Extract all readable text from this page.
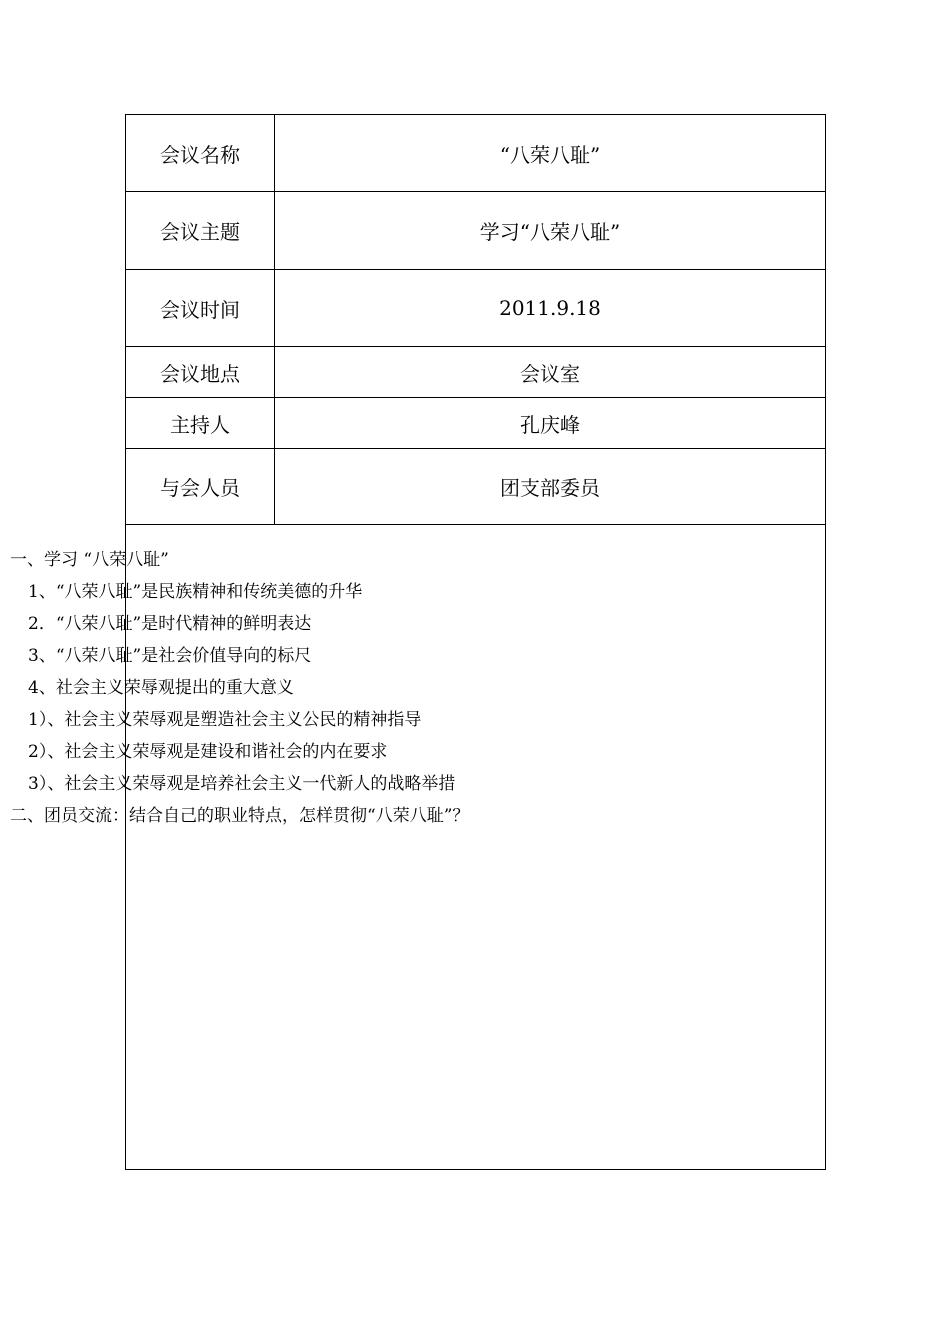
会议名称	“八荣八耻”
会议主题	学习“八荣八耻”
会议时间	2011.9.18
会议地点	会议室
主持人	孔庆峰
与会人员	团支部委员
一、学习 “八荣八耻”
1、“八荣八耻”是民族精神和传统美德的升华
2．“八荣八耻”是时代精神的鲜明表达
3、“八荣八耻”是社会价值导向的标尺
4、社会主义荣辱观提出的重大意义
1）、社会主义荣辱观是塑造社会主义公民的精神指导
2）、社会主义荣辱观是建设和谐社会的内在要求
3）、社会主义荣辱观是培养社会主义一代新人的战略举措
二、团员交流：结合自己的职业特点，怎样贯彻“八荣八耻”？
